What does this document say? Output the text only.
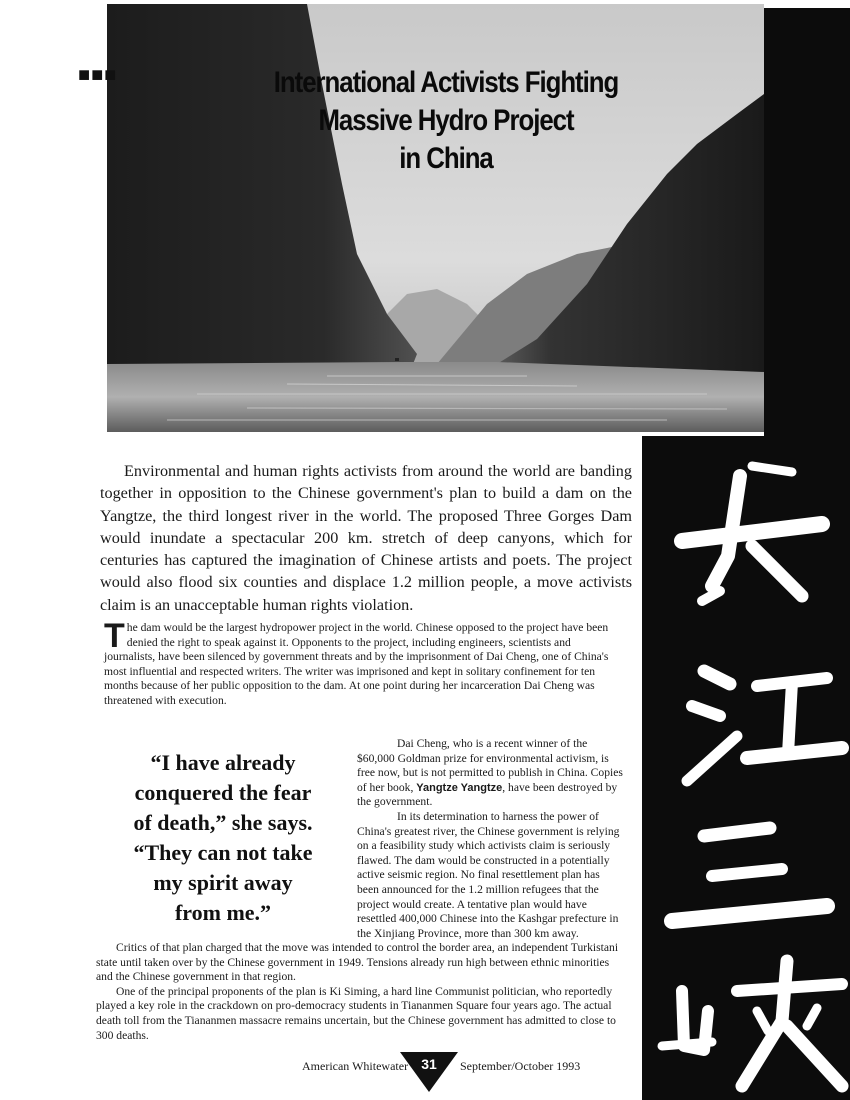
■■■	International Activists Fighting
Massive Hydro Project
in China

Environmental and human rights activists from around the world are banding together in opposition to the Chinese government's plan to build a dam on the Yangtze, the third longest river in the world. The proposed Three Gorges Dam would inundate a spectacular 200 km. stretch of deep canyons, which for centuries has captured the imagination of Chinese artists and poets. The project would also flood six counties and displace 1.2 million people, a move activists claim is an unacceptable human rights violation.

The dam would be the largest hydropower project in the world. Chinese opposed to the project have been denied the right to speak against it. Opponents to the project, including engineers, scientists and journalists, have been silenced by government threats and by the imprisonment of Dai Cheng, one of China's most influential and respected writers. The writer was imprisoned and kept in solitary confinement for ten months because of her public opposition to the dam. At one point during her incarceration Dai Cheng was threatened with execution.

“I have already
conquered the fear
of death,” she says.
“They can not take
my spirit away
from me.”

Dai Cheng, who is a recent winner of the $60,000 Goldman prize for environmental activism, is free now, but is not permitted to publish in China. Copies of her book, Yangtze Yangtze, have been destroyed by the government.

In its determination to harness the power of China's greatest river, the Chinese government is relying on a feasibility study which activists claim is seriously flawed. The dam would be constructed in a potentially active seismic region. No final resettlement plan has been announced for the 1.2 million refugees that the project would create. A tentative plan would have resettled 400,000 Chinese into the Kashgar prefecture in the Xinjiang Province, more than 300 km away.

Critics of that plan charged that the move was intended to control the border area, an independent Turkistani state until taken over by the Chinese government in 1949. Tensions already run high between ethnic minorities and the Chinese government in that region.

One of the principal proponents of the plan is Ki Siming, a hard line Communist politician, who reportedly played a key role in the crackdown on pro-democracy students in Tiananmen Square four years ago. The actual death toll from the Tiananmen massacre remains uncertain, but the Chinese government has admitted to close to 300 deaths.

American Whitewater 31	September/October 1993
